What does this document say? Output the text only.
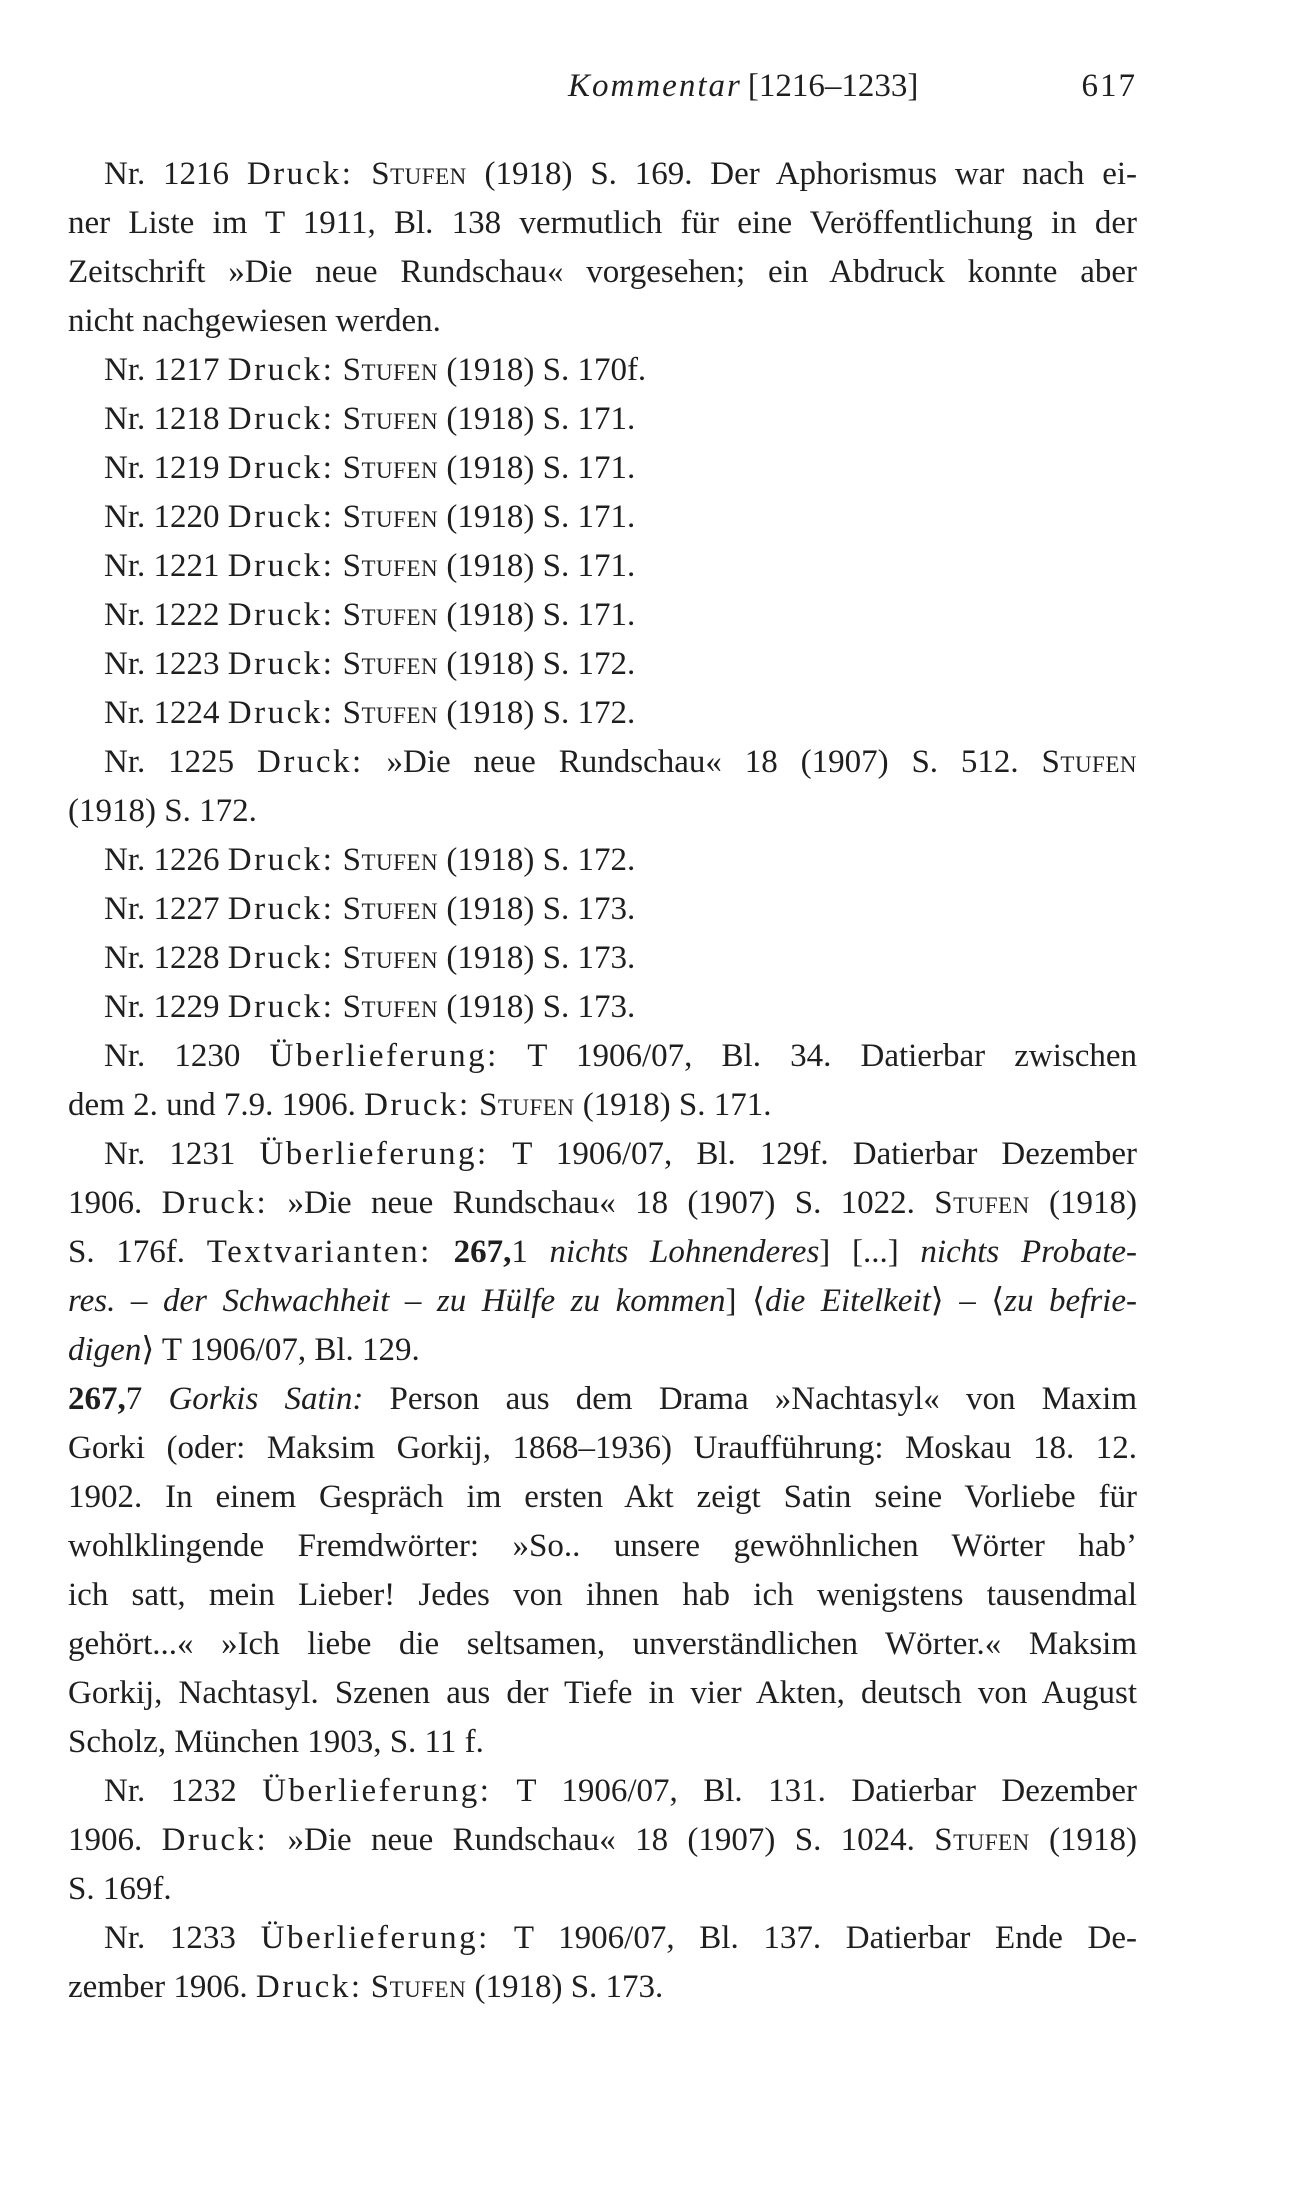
Kommentar [1216–1233]	617
Nr. 1216 Druck: Stufen (1918) S. 169. Der Aphorismus war nach ei-
ner Liste im T 1911, Bl. 138 vermutlich für eine Veröffentlichung in der
Zeitschrift »Die neue Rundschau« vorgesehen; ein Abdruck konnte aber
nicht nachgewiesen werden.
Nr. 1217 Druck: Stufen (1918) S. 170f.
Nr. 1218 Druck: Stufen (1918) S. 171.
Nr. 1219 Druck: Stufen (1918) S. 171.
Nr. 1220 Druck: Stufen (1918) S. 171.
Nr. 1221 Druck: Stufen (1918) S. 171.
Nr. 1222 Druck: Stufen (1918) S. 171.
Nr. 1223 Druck: Stufen (1918) S. 172.
Nr. 1224 Druck: Stufen (1918) S. 172.
Nr. 1225 Druck: »Die neue Rundschau« 18 (1907) S. 512. Stufen
(1918) S. 172.
Nr. 1226 Druck: Stufen (1918) S. 172.
Nr. 1227 Druck: Stufen (1918) S. 173.
Nr. 1228 Druck: Stufen (1918) S. 173.
Nr. 1229 Druck: Stufen (1918) S. 173.
Nr. 1230 Überlieferung: T 1906/07, Bl. 34. Datierbar zwischen
dem 2. und 7.9. 1906. Druck: Stufen (1918) S. 171.
Nr. 1231 Überlieferung: T 1906/07, Bl. 129f. Datierbar Dezember
1906. Druck: »Die neue Rundschau« 18 (1907) S. 1022. Stufen (1918)
S. 176f. Textvarianten: 267,1 nichts Lohnenderes] [...] nichts Probate-
res. – der Schwachheit – zu Hülfe zu kommen] ⟨die Eitelkeit⟩ – ⟨zu befrie-
digen⟩ T 1906/07, Bl. 129.
267,7 Gorkis Satin: Person aus dem Drama »Nachtasyl« von Maxim
Gorki (oder: Maksim Gorkij, 1868–1936) Uraufführung: Moskau 18. 12.
1902. In einem Gespräch im ersten Akt zeigt Satin seine Vorliebe für
wohlklingende Fremdwörter: »So.. unsere gewöhnlichen Wörter hab’
ich satt, mein Lieber! Jedes von ihnen hab ich wenigstens tausendmal
gehört...« »Ich liebe die seltsamen, unverständlichen Wörter.« Maksim
Gorkij, Nachtasyl. Szenen aus der Tiefe in vier Akten, deutsch von August
Scholz, München 1903, S. 11 f.
Nr. 1232 Überlieferung: T 1906/07, Bl. 131. Datierbar Dezember
1906. Druck: »Die neue Rundschau« 18 (1907) S. 1024. Stufen (1918)
S. 169f.
Nr. 1233 Überlieferung: T 1906/07, Bl. 137. Datierbar Ende De-
zember 1906. Druck: Stufen (1918) S. 173.
